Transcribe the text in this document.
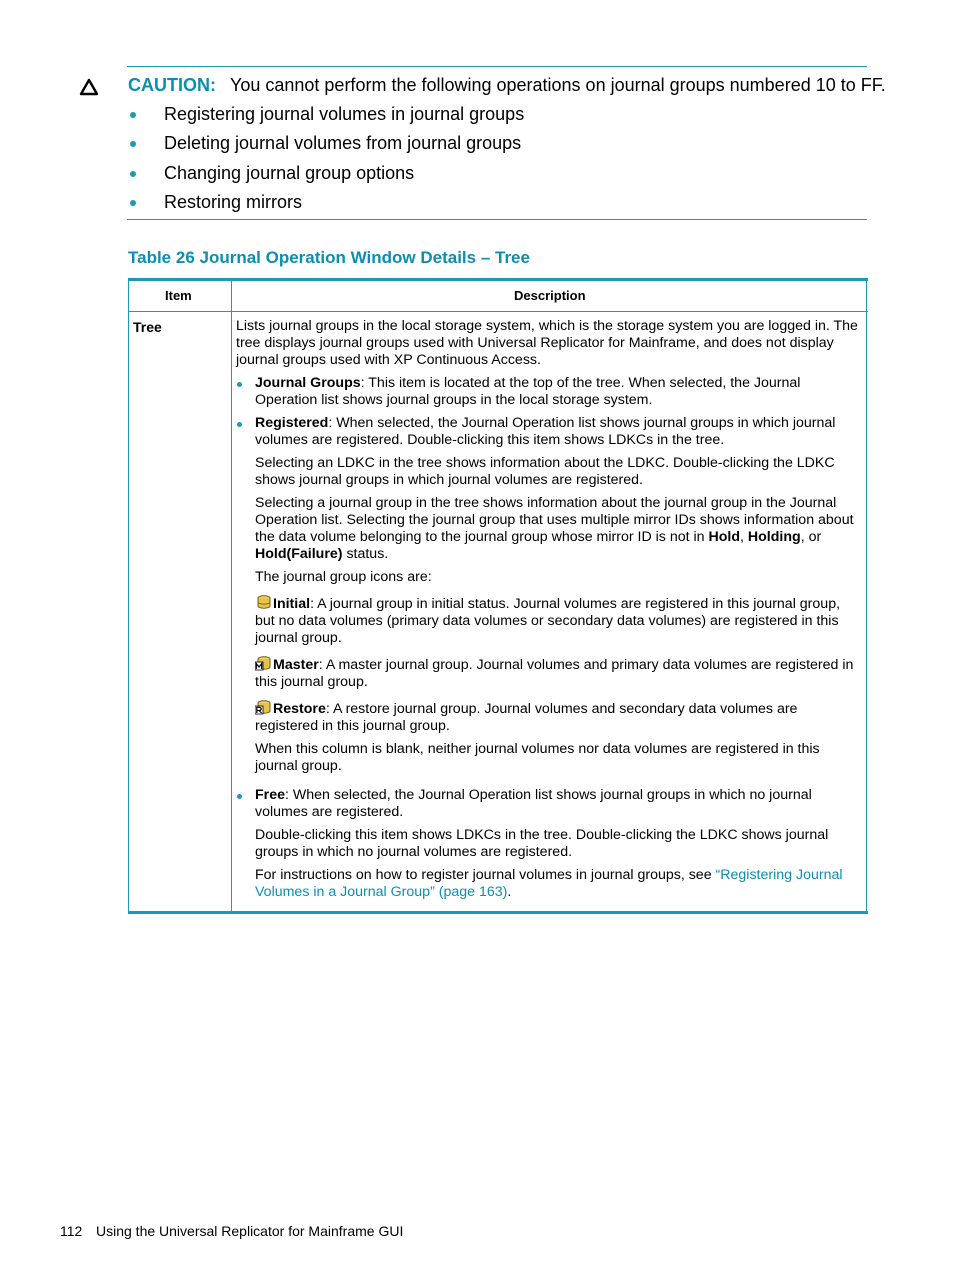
CAUTION: You cannot perform the following operations on journal groups numbered 10 to FF.
Registering journal volumes in journal groups
Deleting journal volumes from journal groups
Changing journal group options
Restoring mirrors
Table 26 Journal Operation Window Details – Tree
Item	Description
Tree	Lists journal groups in the local storage system, which is the storage system you are logged in. The tree displays journal groups used with Universal Replicator for Mainframe, and does not display journal groups used with XP Continuous Access.

Journal Groups: This item is located at the top of the tree. When selected, the Journal Operation list shows journal groups in the local storage system.

Registered: When selected, the Journal Operation list shows journal groups in which journal volumes are registered. Double-clicking this item shows LDKCs in the tree.

Selecting an LDKC in the tree shows information about the LDKC. Double-clicking the LDKC shows journal groups in which journal volumes are registered.

Selecting a journal group in the tree shows information about the journal group in the Journal Operation list. Selecting the journal group that uses multiple mirror IDs shows information about the data volume belonging to the journal group whose mirror ID is not in Hold, Holding, or Hold(Failure) status.

The journal group icons are:

Initial: A journal group in initial status. Journal volumes are registered in this journal group, but no data volumes (primary data volumes or secondary data volumes) are registered in this journal group.

Master: A master journal group. Journal volumes and primary data volumes are registered in this journal group.

Restore: A restore journal group. Journal volumes and secondary data volumes are registered in this journal group.

When this column is blank, neither journal volumes nor data volumes are registered in this journal group.

Free: When selected, the Journal Operation list shows journal groups in which no journal volumes are registered.

Double-clicking this item shows LDKCs in the tree. Double-clicking the LDKC shows journal groups in which no journal volumes are registered.

For instructions on how to register journal volumes in journal groups, see “Registering Journal Volumes in a Journal Group” (page 163).

112 Using the Universal Replicator for Mainframe GUI
